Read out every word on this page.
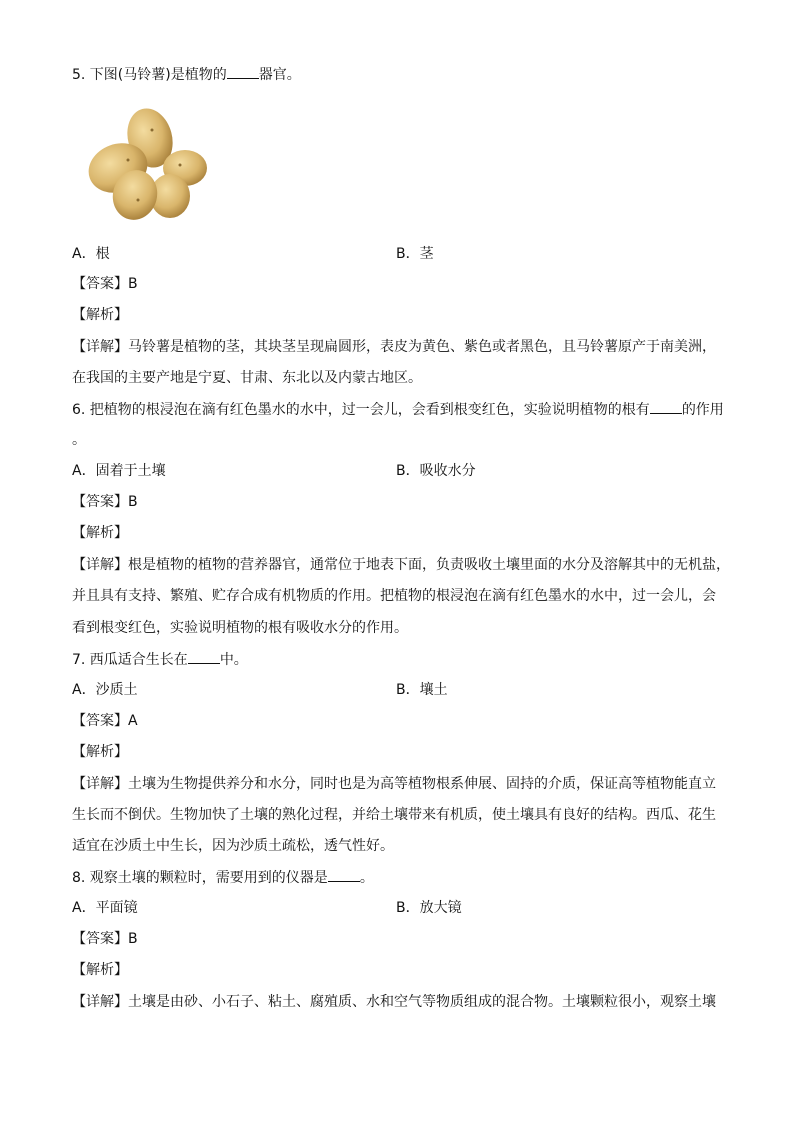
5. 下图(马铃薯)是植物的 器官。
A．根	B．茎
【答案】B
【解析】
【详解】马铃薯是植物的茎，其块茎呈现扁圆形，表皮为黄色、紫色或者黑色，且马铃薯原产于南美洲，
在我国的主要产地是宁夏、甘肃、东北以及内蒙古地区。
6. 把植物的根浸泡在滴有红色墨水的水中，过一会儿，会看到根变红色，实验说明植物的根有 的作用
。
A．固着于土壤	B．吸收水分
【答案】B
【解析】
【详解】根是植物的植物的营养器官，通常位于地表下面，负责吸收土壤里面的水分及溶解其中的无机盐，
并且具有支持、繁殖、贮存合成有机物质的作用。把植物的根浸泡在滴有红色墨水的水中，过一会儿，会
看到根变红色，实验说明植物的根有吸收水分的作用。
7. 西瓜适合生长在 中。
A．沙质土	B．壤土
【答案】A
【解析】
【详解】土壤为生物提供养分和水分，同时也是为高等植物根系伸展、固持的介质，保证高等植物能直立
生长而不倒伏。生物加快了土壤的熟化过程，并给土壤带来有机质，使土壤具有良好的结构。西瓜、花生
适宜在沙质土中生长，因为沙质土疏松，透气性好。
8. 观察土壤的颗粒时，需要用到的仪器是 。
A．平面镜	B．放大镜
【答案】B
【解析】
【详解】土壤是由砂、小石子、粘土、腐殖质、水和空气等物质组成的混合物。土壤颗粒很小，观察土壤
